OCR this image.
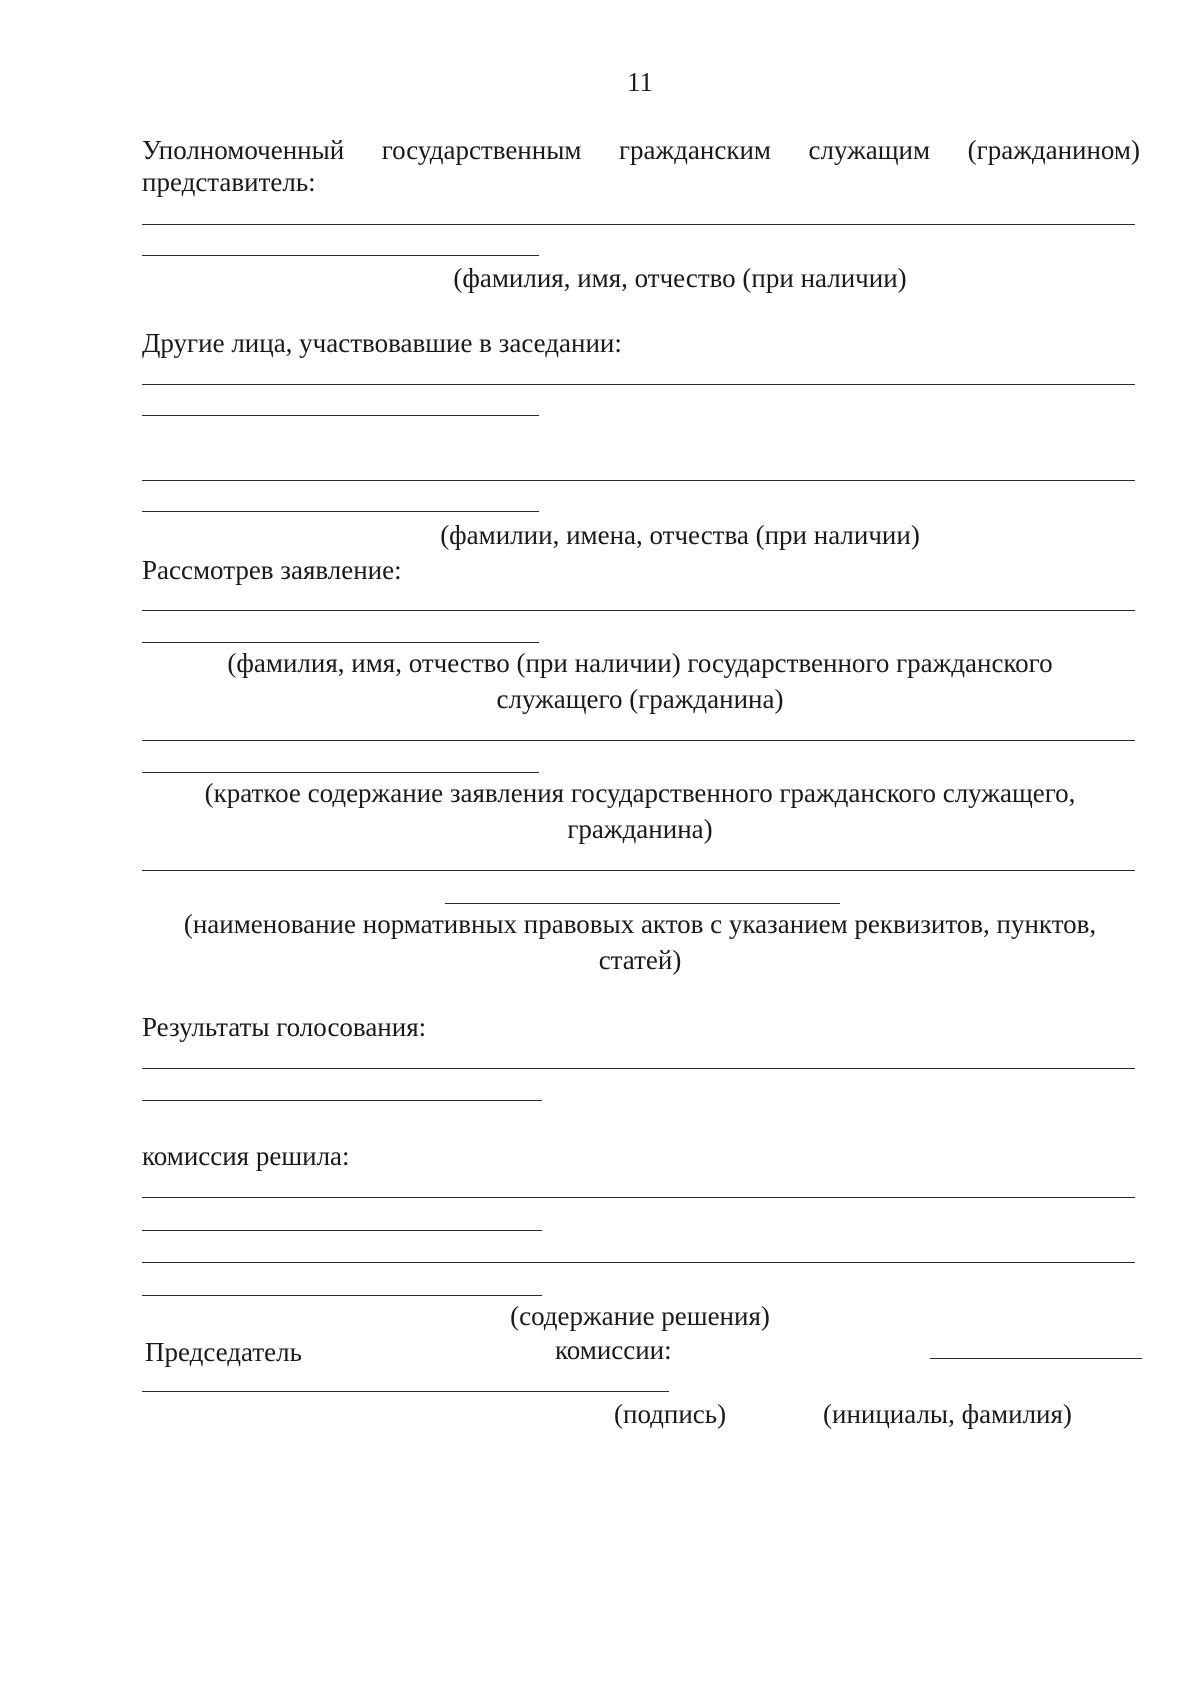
11
Уполномоченный государственным гражданским служащим (гражданином)
представитель:
(фамилия, имя, отчество (при наличии)
Другие лица, участвовавшие в заседании:
(фамилии, имена, отчества (при наличии)
Рассмотрев заявление:
(фамилия, имя, отчество (при наличии) государственного гражданского служащего (гражданина)
(краткое содержание заявления государственного гражданского служащего, гражданина)
(наименование нормативных правовых актов с указанием реквизитов, пунктов, статей)
Результаты голосования:
комиссия решила:
(содержание решения)
комиссии:
Председатель
(подпись)	(инициалы, фамилия)
